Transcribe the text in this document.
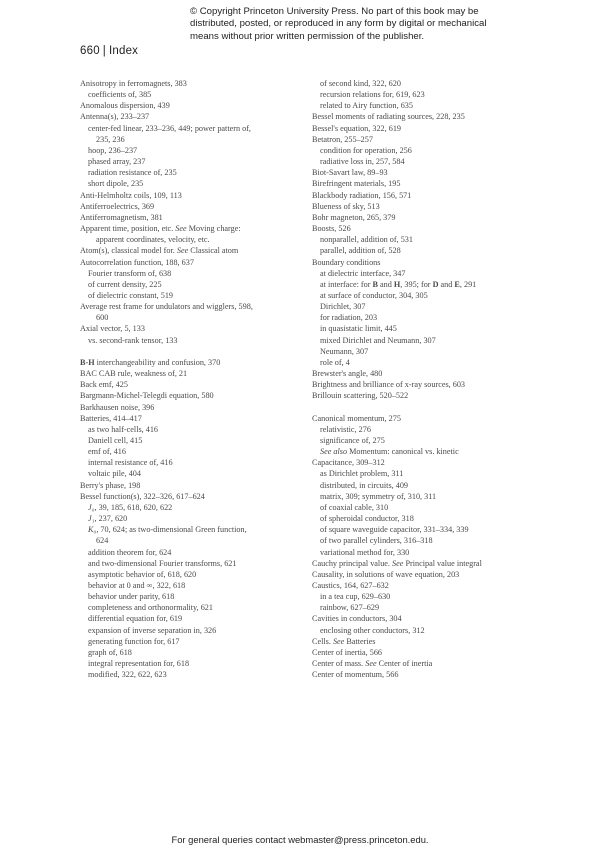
© Copyright Princeton University Press. No part of this book may be
distributed, posted, or reproduced in any form by digital or mechanical
means without prior written permission of the publisher.
660 | Index
Anisotropy in ferromagnets, 383
coefficients of, 385
Anomalous dispersion, 439
Antenna(s), 233–237
center-fed linear, 233–236, 449; power pattern of,
235, 236
hoop, 236–237
phased array, 237
radiation resistance of, 235
short dipole, 235
Anti-Helmholtz coils, 109, 113
Antiferroelectrics, 369
Antiferromagnetism, 381
Apparent time, position, etc. See Moving charge:
apparent coordinates, velocity, etc.
Atom(s), classical model for. See Classical atom
Autocorrelation function, 188, 637
Fourier transform of, 638
of current density, 225
of dielectric constant, 519
Average rest frame for undulators and wigglers, 598,
600
Axial vector, 5, 133
vs. second-rank tensor, 133
B-H interchangeability and confusion, 370
BAC CAB rule, weakness of, 21
Back emf, 425
Bargmann-Michel-Telegdi equation, 580
Barkhausen noise, 396
Batteries, 414–417
as two half-cells, 416
Daniell cell, 415
emf of, 416
internal resistance of, 416
voltaic pile, 404
Berry's phase, 198
Bessel function(s), 322–326, 617–624
J₀, 39, 185, 618, 620, 622
J₁, 237, 620
K₀, 70, 624; as two-dimensional Green function,
624
addition theorem for, 624
and two-dimensional Fourier transforms, 621
asymptotic behavior of, 618, 620
behavior at 0 and ∞, 322, 618
behavior under parity, 618
completeness and orthonormality, 621
differential equation for, 619
expansion of inverse separation in, 326
generating function for, 617
graph of, 618
integral representation for, 618
modified, 322, 622, 623
of second kind, 322, 620
recursion relations for, 619, 623
related to Airy function, 635
Bessel moments of radiating sources, 228, 235
Bessel's equation, 322, 619
Betatron, 255–257
condition for operation, 256
radiative loss in, 257, 584
Biot-Savart law, 89–93
Birefringent materials, 195
Blackbody radiation, 156, 571
Blueness of sky, 513
Bohr magneton, 265, 379
Boosts, 526
nonparallel, addition of, 531
parallel, addition of, 528
Boundary conditions
at dielectric interface, 347
at interface: for B and H, 395; for D and E, 291
at surface of conductor, 304, 305
Dirichlet, 307
for radiation, 203
in quasistatic limit, 445
mixed Dirichlet and Neumann, 307
Neumann, 307
role of, 4
Brewster's angle, 480
Brightness and brilliance of x-ray sources, 603
Brillouin scattering, 520–522
Canonical momentum, 275
relativistic, 276
significance of, 275
See also Momentum: canonical vs. kinetic
Capacitance, 309–312
as Dirichlet problem, 311
distributed, in circuits, 409
matrix, 309; symmetry of, 310, 311
of coaxial cable, 310
of spheroidal conductor, 318
of square waveguide capacitor, 331–334, 339
of two parallel cylinders, 316–318
variational method for, 330
Cauchy principal value. See Principal value integral
Causality, in solutions of wave equation, 203
Caustics, 164, 627–632
in a tea cup, 629–630
rainbow, 627–629
Cavities in conductors, 304
enclosing other conductors, 312
Cells. See Batteries
Center of inertia, 566
Center of mass. See Center of inertia
Center of momentum, 566
For general queries contact webmaster@press.princeton.edu.
